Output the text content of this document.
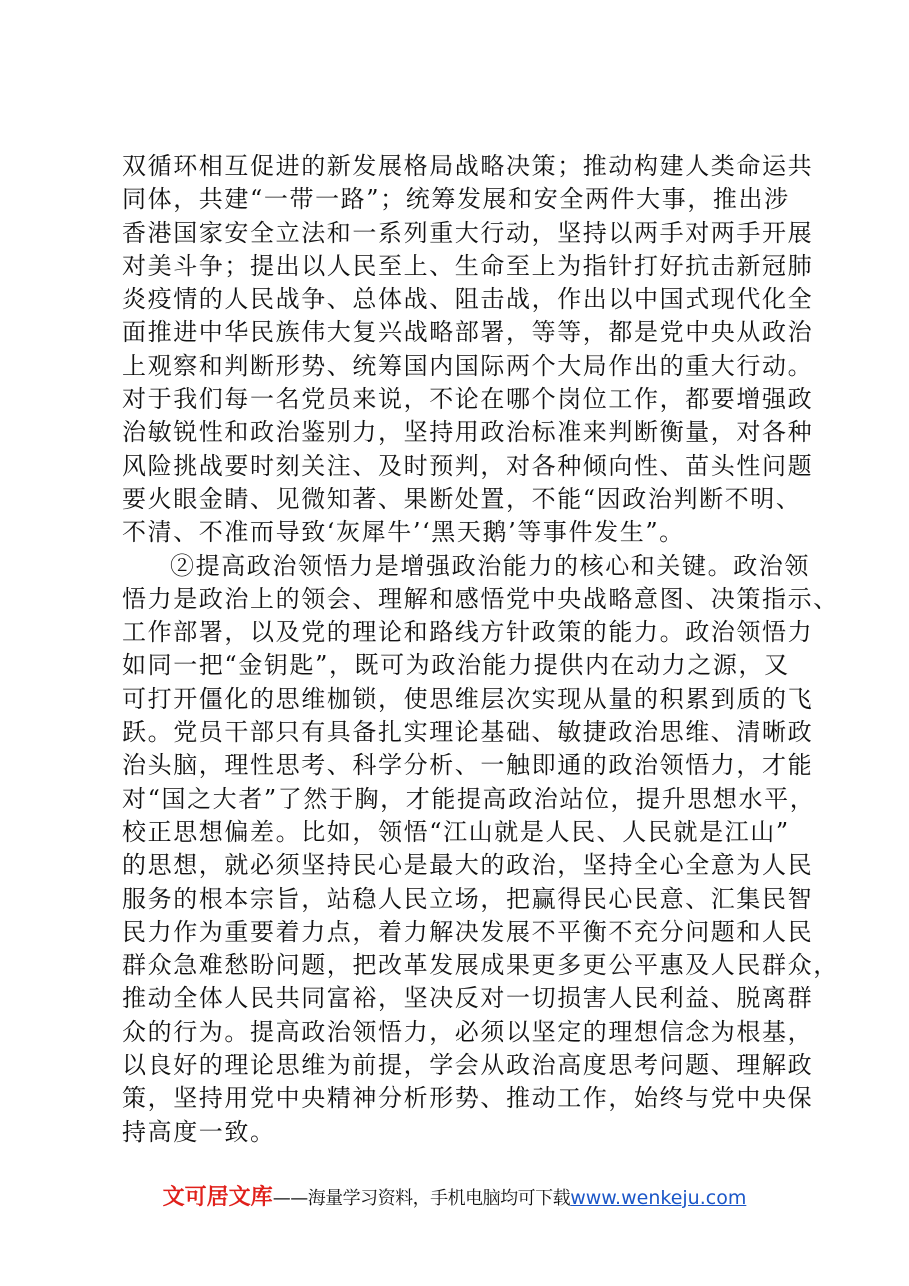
双循环相互促进的新发展格局战略决策；推动构建人类命运共
同体，共建“一带一路”；统筹发展和安全两件大事，推出涉
香港国家安全立法和一系列重大行动，坚持以两手对两手开展
对美斗争；提出以人民至上、生命至上为指针打好抗击新冠肺
炎疫情的人民战争、总体战、阻击战，作出以中国式现代化全
面推进中华民族伟大复兴战略部署，等等，都是党中央从政治
上观察和判断形势、统筹国内国际两个大局作出的重大行动。
对于我们每一名党员来说，不论在哪个岗位工作，都要增强政
治敏锐性和政治鉴别力，坚持用政治标准来判断衡量，对各种
风险挑战要时刻关注、及时预判，对各种倾向性、苗头性问题
要火眼金睛、见微知著、果断处置，不能“因政治判断不明、
不清、不准而导致‘灰犀牛’‘黑天鹅’等事件发生”。
②提高政治领悟力是增强政治能力的核心和关键。政治领
悟力是政治上的领会、理解和感悟党中央战略意图、决策指示、
工作部署，以及党的理论和路线方针政策的能力。政治领悟力
如同一把“金钥匙”，既可为政治能力提供内在动力之源，又
可打开僵化的思维枷锁，使思维层次实现从量的积累到质的飞
跃。党员干部只有具备扎实理论基础、敏捷政治思维、清晰政
治头脑，理性思考、科学分析、一触即通的政治领悟力，才能
对“国之大者”了然于胸，才能提高政治站位，提升思想水平，
校正思想偏差。比如，领悟“江山就是人民、人民就是江山”
的思想，就必须坚持民心是最大的政治，坚持全心全意为人民
服务的根本宗旨，站稳人民立场，把赢得民心民意、汇集民智
民力作为重要着力点，着力解决发展不平衡不充分问题和人民
群众急难愁盼问题，把改革发展成果更多更公平惠及人民群众，
推动全体人民共同富裕，坚决反对一切损害人民利益、脱离群
众的行为。提高政治领悟力，必须以坚定的理想信念为根基，
以良好的理论思维为前提，学会从政治高度思考问题、理解政
策，坚持用党中央精神分析形势、推动工作，始终与党中央保
持高度一致。
文可居文库——海量学习资料，手机电脑均可下载www.wenkeju.com
